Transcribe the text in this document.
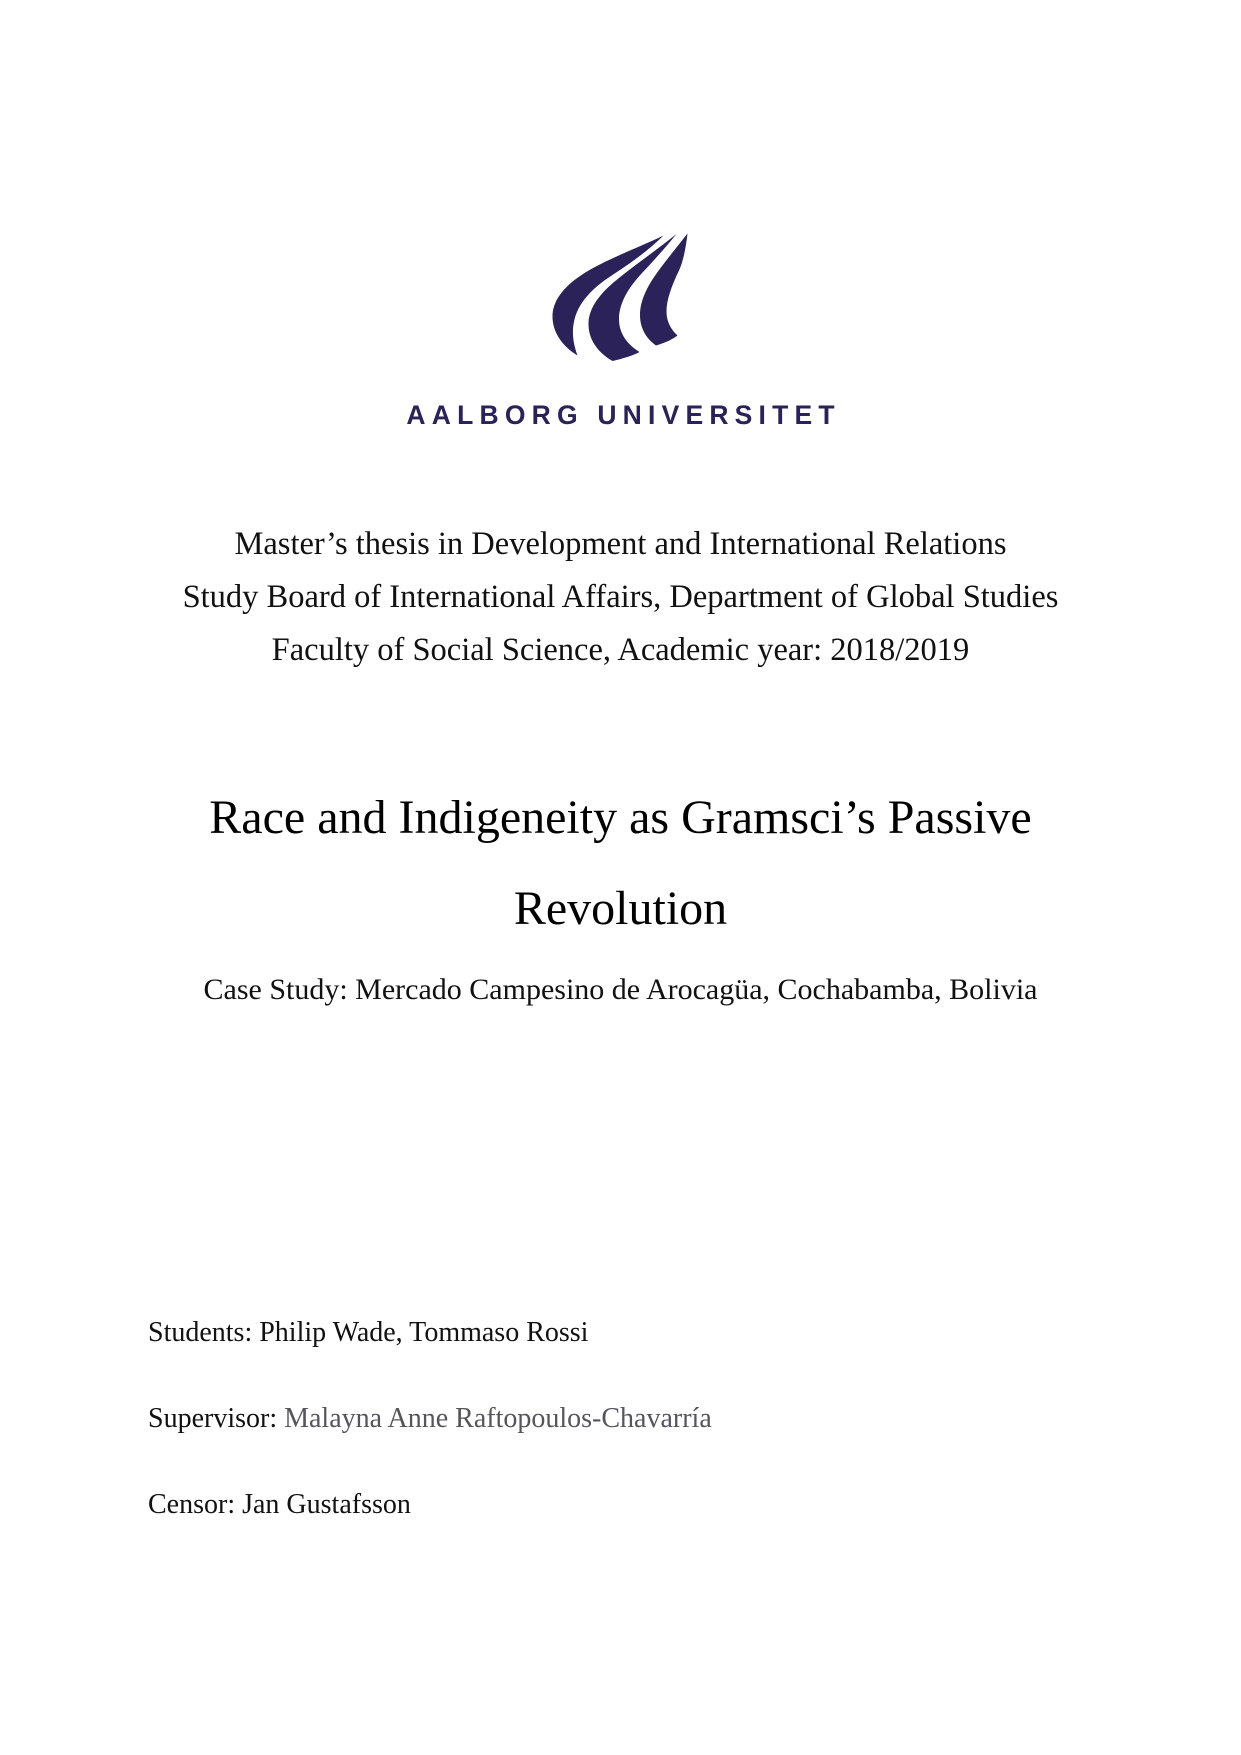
AALBORG UNIVERSITET
Master’s thesis in Development and International Relations
Study Board of International Affairs, Department of Global Studies
Faculty of Social Science, Academic year: 2018/2019
Race and Indigeneity as Gramsci’s Passive
Revolution
Case Study: Mercado Campesino de Arocagüa, Cochabamba, Bolivia
Students: Philip Wade, Tommaso Rossi
Supervisor: Malayna Anne Raftopoulos-Chavarría
Censor: Jan Gustafsson
